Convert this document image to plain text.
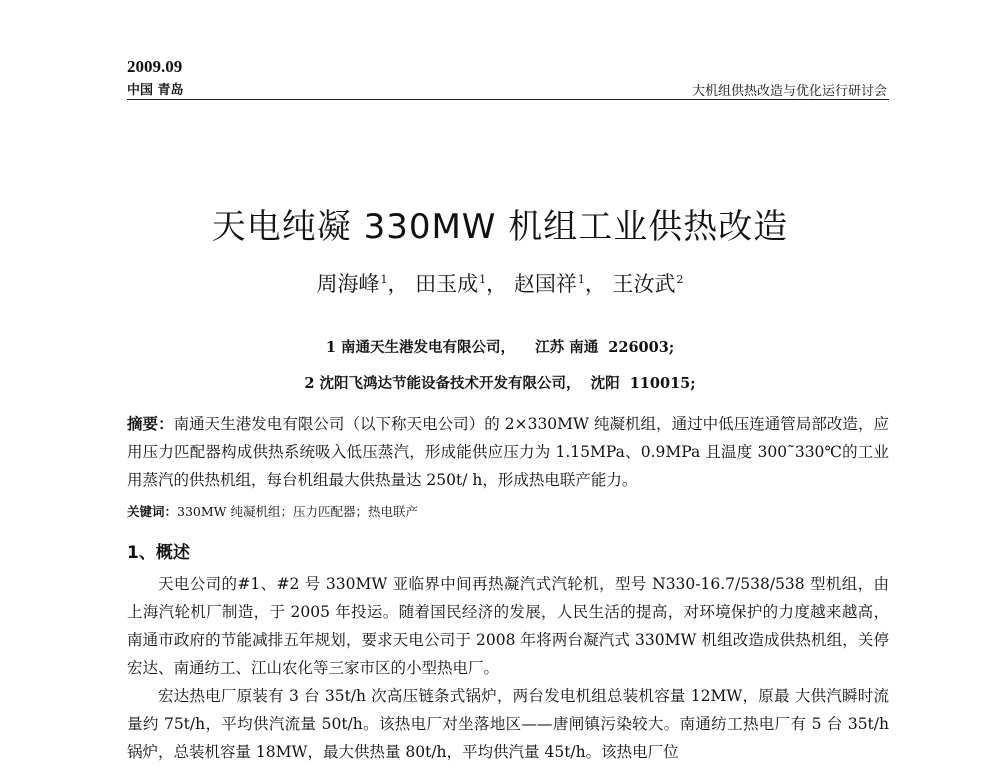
2009.09
中国 青岛	大机组供热改造与优化运行研讨会
天电纯凝 330MW 机组工业供热改造
周海峰$^1$， 田玉成$^1$， 赵国祥$^1$， 王汝武$^2$
1 南通天生港发电有限公司，    江苏 南通  226003;
2 沈阳飞鸿达节能设备技术开发有限公司，  沈阳  110015;
摘要：南通天生港发电有限公司（以下称天电公司）的 2×330MW 纯凝机组，通过中低压连通管局部改造，应用压力匹配器构成供热系统吸入低压蒸汽，形成能供应压力为 1.15MPa、0.9MPa 且温度 300˜330℃的工业用蒸汽的供热机组，每台机组最大供热量达 250t/ h，形成热电联产能力。
关键词：330MW 纯凝机组；压力匹配器；热电联产
1、概述
天电公司的#1、#2 号 330MW 亚临界中间再热凝汽式汽轮机，型号 N330-16.7/538/538 型机组，由上海汽轮机厂制造，于 2005 年投运。随着国民经济的发展，人民生活的提高，对环境保护的力度越来越高，南通市政府的节能减排五年规划，要求天电公司于 2008 年将两台凝汽式 330MW 机组改造成供热机组，关停宏达、南通纺工、江山农化等三家市区的小型热电厂。
宏达热电厂原装有 3 台 35t/h 次高压链条式锅炉，两台发电机组总装机容量 12MW，原最 大供汽瞬时流量约 75t/h，平均供汽流量 50t/h。该热电厂对坐落地区——唐闸镇污染较大。南通纺工热电厂有 5 台 35t/h 锅炉，总装机容量 18MW，最大供热量 80t/h，平均供汽量 45t/h。该热电厂位
